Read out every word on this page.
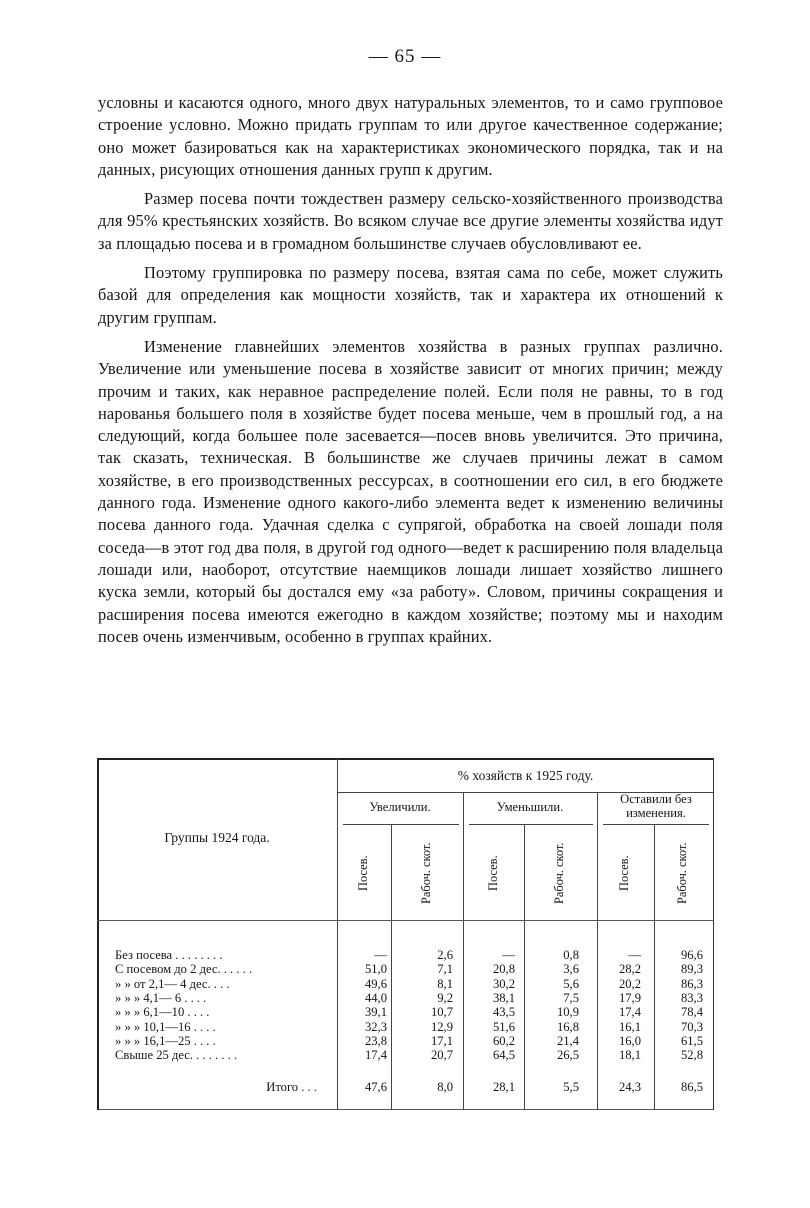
— 65 —

условны и касаются одного, много двух натуральных элементов, то и само групповое строение условно. Можно придать группам то или другое качественное содержание; оно может базироваться как на характеристиках экономического порядка, так и на данных, рисующих отношения данных групп к другим.

Размер посева почти тождествен размеру сельско-хозяйственного производства для 95% крестьянских хозяйств. Во всяком случае все другие элементы хозяйства идут за площадью посева и в громадном большинстве случаев обусловливают ее.

Поэтому группировка по размеру посева, взятая сама по себе, может служить базой для определения как мощности хозяйств, так и характера их отношений к другим группам.

Изменение главнейших элементов хозяйства в разных группах различно. Увеличение или уменьшение посева в хозяйстве зависит от многих причин; между прочим и таких, как неравное распределение полей. Если поля не равны, то в год нарованья большего поля в хозяйстве будет посева меньше, чем в прошлый год, а на следующий, когда большее поле засевается—посев вновь увеличится. Это причина, так сказать, техническая. В большинстве же случаев причины лежат в самом хозяйстве, в его производственных рессурсах, в соотношении его сил, в его бюджете данного года. Изменение одного какого-либо элемента ведет к изменению величины посева данного года. Удачная сделка с супрягой, обработка на своей лошади поля соседа—в этот год два поля, в другой год одного—ведет к расширению поля владельца лошади или, наоборот, отсутствие наемщиков лошади лишает хозяйство лишнего куска земли, который бы достался ему «за работу». Словом, причины сокращения и расширения посева имеются ежегодно в каждом хозяйстве; поэтому мы и находим посев очень изменчивым, особенно в группах крайних.

% хозяйств к 1925 году.
Группы 1924 года.
Увеличили.	Уменьшили.
Оставили без изменения.
Посев.	Рабоч. скот.	Посев.	Рабоч. скот.	Посев.	Рабоч. скот.
Без посева . . . . . . . .	—	2,6	—	0,8	—	96,6
С посевом до 2 дес. . . . . .	51,0	7,1	20,8	3,6	28,2	89,3
» » от 2,1— 4 дес. . . .	49,6	8,1	30,2	5,6	20,2	86,3
» » » 4,1— 6 . . . .	44,0	9,2	38,1	7,5	17,9	83,3
» » » 6,1—10 . . . .	39,1	10,7	43,5	10,9	17,4	78,4
» » » 10,1—16 . . . .	32,3	12,9	51,6	16,8	16,1	70,3
» » » 16,1—25 . . . .	23,8	17,1	60,2	21,4	16,0	61,5
Свыше 25 дес. . . . . . . .	17,4	20,7	64,5	26,5	18,1	52,8
Итого . . .	47,6	8,0	28,1	5,5	24,3	86,5
